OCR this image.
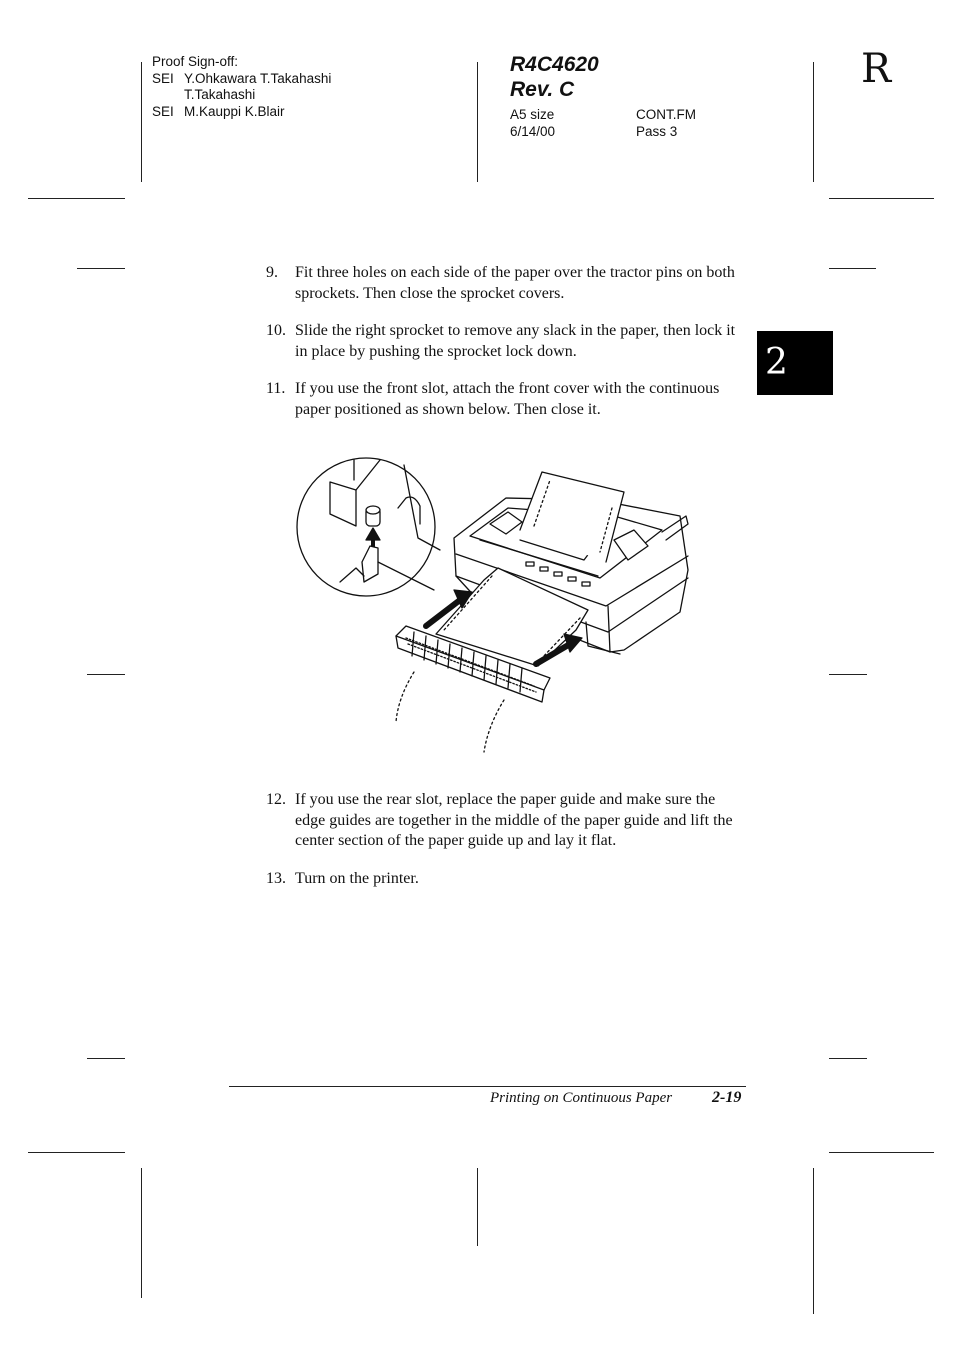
Proof Sign-off:
SEI Y.Ohkawara T.Takahashi
T.Takahashi
SEI M.Kauppi K.Blair
R4C4620
Rev. C
A5 size	CONT.FM
6/14/00	Pass 3
R
2
9.	Fit three holes on each side of the paper over the tractor pins on both sprockets. Then close the sprocket covers.
10. Slide the right sprocket to remove any slack in the paper, then lock it in place by pushing the sprocket lock down.
11. If you use the front slot, attach the front cover with the continuous paper positioned as shown below. Then close it.
12. If you use the rear slot, replace the paper guide and make sure the edge guides are together in the middle of the paper guide and lift the center section of the paper guide up and lay it flat.
13. Turn on the printer.
Printing on Continuous Paper 2-19
